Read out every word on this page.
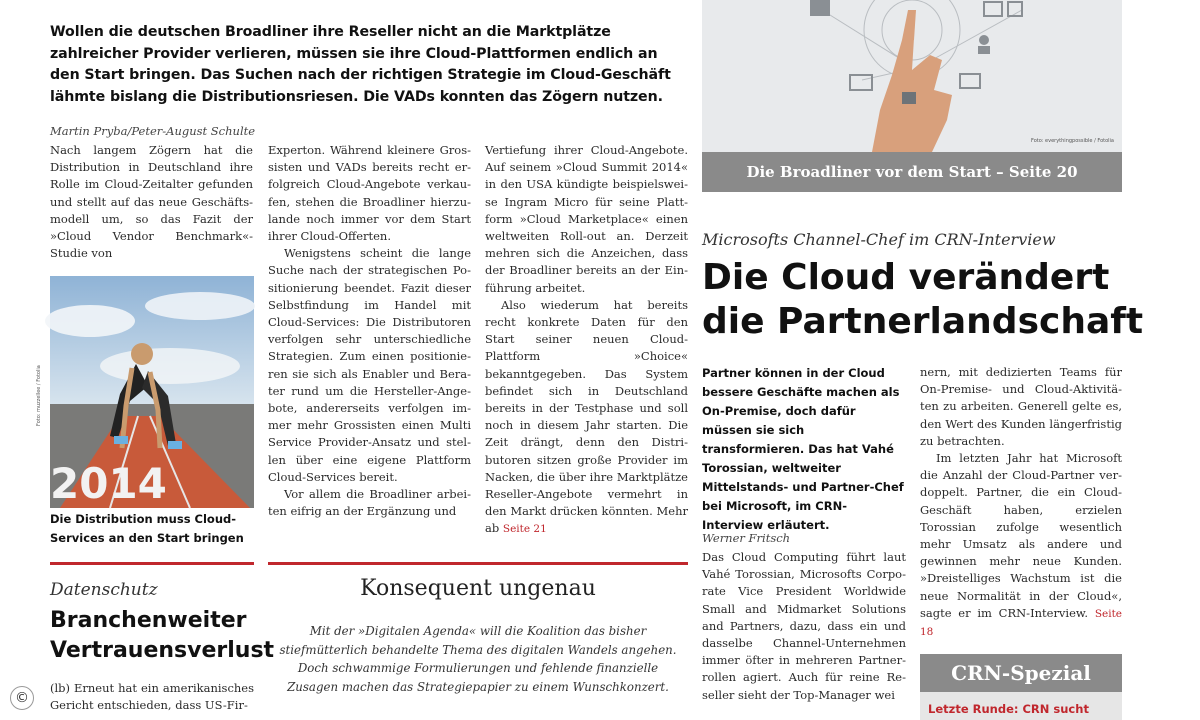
Wollen die deutschen Broadliner ihre Reseller nicht an die Marktplätze zahlreicher Provider verlieren, müssen sie ihre Cloud-Plattformen endlich an den Start bringen. Das Suchen nach der richtigen Strategie im Cloud-Geschäft lähmte bislang die Distributionsriesen. Die VADs konnten das Zögern nutzen.
Martin Pryba/Peter-August Schulte

Nach langem Zögern hat die Distribution in Deutschland ihre Rolle im Cloud-Zeitalter gefunden und stellt auf das neue Geschäftsmodell um, so das Fazit der »Cloud Vendor Benchmark«-Studie von

2014
Foto: muzzellee / Fotolia
Die Distribution muss Cloud-Services an den Start bringen

Experton. Während kleinere Grossisten und VADs bereits recht erfolgreich Cloud-Angebote verkaufen, stehen die Broadliner hierzulande noch immer vor dem Start ihrer Cloud-Offerten.

Wenigstens scheint die lange Suche nach der strategischen Positionierung beendet. Fazit dieser Selbstfindung im Handel mit Cloud-Services: Die Distributoren verfolgen sehr unterschiedliche Strategien. Zum einen positionieren sie sich als Enabler und Berater rund um die Hersteller-Angebote, andererseits verfolgen immer mehr Grossisten einen Multi Service Provider-Ansatz und stellen über eine eigene Plattform Cloud-Services bereit.

Vor allem die Broadliner arbeiten eifrig an der Ergänzung und

Vertiefung ihrer Cloud-Angebote. Auf seinem »Cloud Summit 2014« in den USA kündigte beispielsweise Ingram Micro für seine Plattform »Cloud Marketplace« einen weltweiten Roll-out an. Derzeit mehren sich die Anzeichen, dass der Broadliner bereits an der Einführung arbeitet.

Also wiederum hat bereits recht konkrete Daten für den Start seiner neuen Cloud-Plattform »Choice« bekanntgegeben. Das System befindet sich in Deutschland bereits in der Testphase und soll noch in diesem Jahr starten. Die Zeit drängt, denn den Distributoren sitzen große Provider im Nacken, die über ihre Marktplätze Reseller-Angebote vermehrt in den Markt drücken könnten. Mehr ab Seite 21

Foto: everythingpossible / Fotolia
Die Broadliner vor dem Start – Seite 20
Microsofts Channel-Chef im CRN-Interview
Die Cloud verändert
die Partnerlandschaft
Partner können in der Cloud bessere Geschäfte machen als On-Premise, doch dafür müssen sie sich transformieren. Das hat Vahé Torossian, weltweiter Mittelstands- und Partner-Chef bei Microsoft, im CRN-Interview erläutert.
Werner Fritsch

Das Cloud Computing führt laut Vahé Torossian, Microsofts Corporate Vice President Worldwide Small and Midmarket Solutions and Partners, dazu, dass ein und dasselbe Channel-Unternehmen immer öfter in mehreren Partnerrollen agiert. Auch für reine Reseller sieht der Top-Manager wei

nern, mit dedizierten Teams für On-Premise- und Cloud-Aktivitäten zu arbeiten. Generell gelte es, den Wert des Kunden längerfristig zu betrachten.

Im letzten Jahr hat Microsoft die Anzahl der Cloud-Partner verdoppelt. Partner, die ein Cloud-Geschäft haben, erzielen Torossian zufolge wesentlich mehr Umsatz als andere und gewinnen mehr neue Kunden. »Dreistelliges Wachstum ist die neue Normalität in der Cloud«, sagte er im CRN-Interview. Seite 18

CRN-Spezial
Letzte Runde: CRN sucht
Datenschutz
Branchenweiter
Vertrauensverlust
(lb) Erneut hat ein amerikanisches Gericht entschieden, dass US-Fir-
Konsequent ungenau
Mit der »Digitalen Agenda« will die Koalition das bisher
stiefmütterlich behandelte Thema des digitalen Wandels angehen.
Doch schwammige Formulierungen und fehlende finanzielle
Zusagen machen das Strategiepapier zu einem Wunschkonzert.
©
